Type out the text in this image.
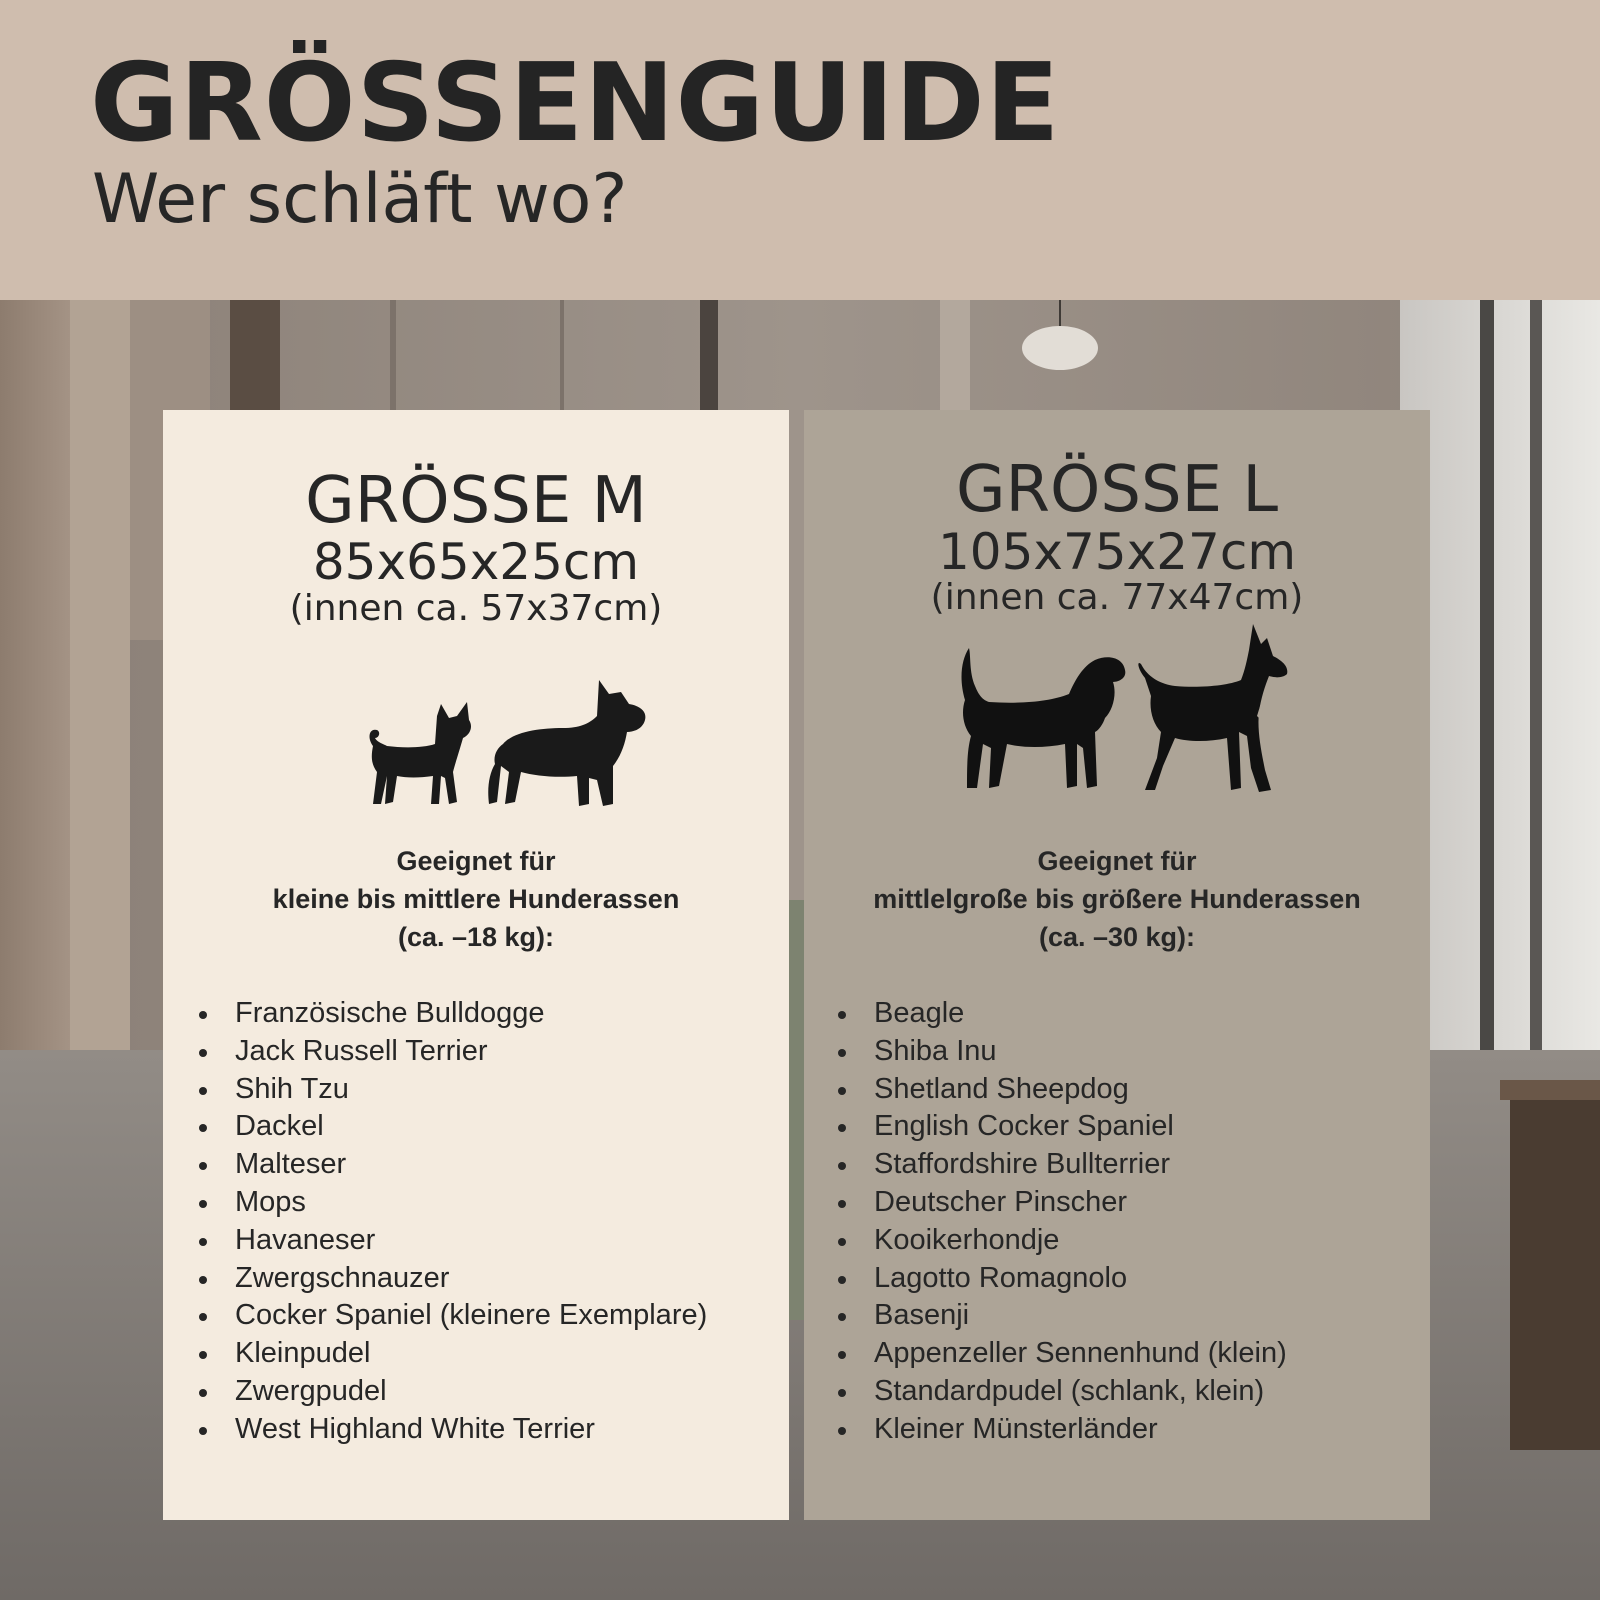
GRÖSSENGUIDE
Wer schläft wo?
GRÖSSE M
85x65x25cm
(innen ca. 57x37cm)
Geeignet für
kleine bis mittlere Hunderassen
(ca. –18 kg):
Französische Bulldogge
Jack Russell Terrier
Shih Tzu
Dackel
Malteser
Mops
Havaneser
Zwergschnauzer
Cocker Spaniel (kleinere Exemplare)
Kleinpudel
Zwergpudel
West Highland White Terrier
GRÖSSE L
105x75x27cm
(innen ca. 77x47cm)
Geeignet für
mittlelgroße bis größere Hunderassen
(ca. –30 kg):
Beagle
Shiba Inu
Shetland Sheepdog
English Cocker Spaniel
Staffordshire Bullterrier
Deutscher Pinscher
Kooikerhondje
Lagotto Romagnolo
Basenji
Appenzeller Sennenhund (klein)
Standardpudel (schlank, klein)
Kleiner Münsterländer
